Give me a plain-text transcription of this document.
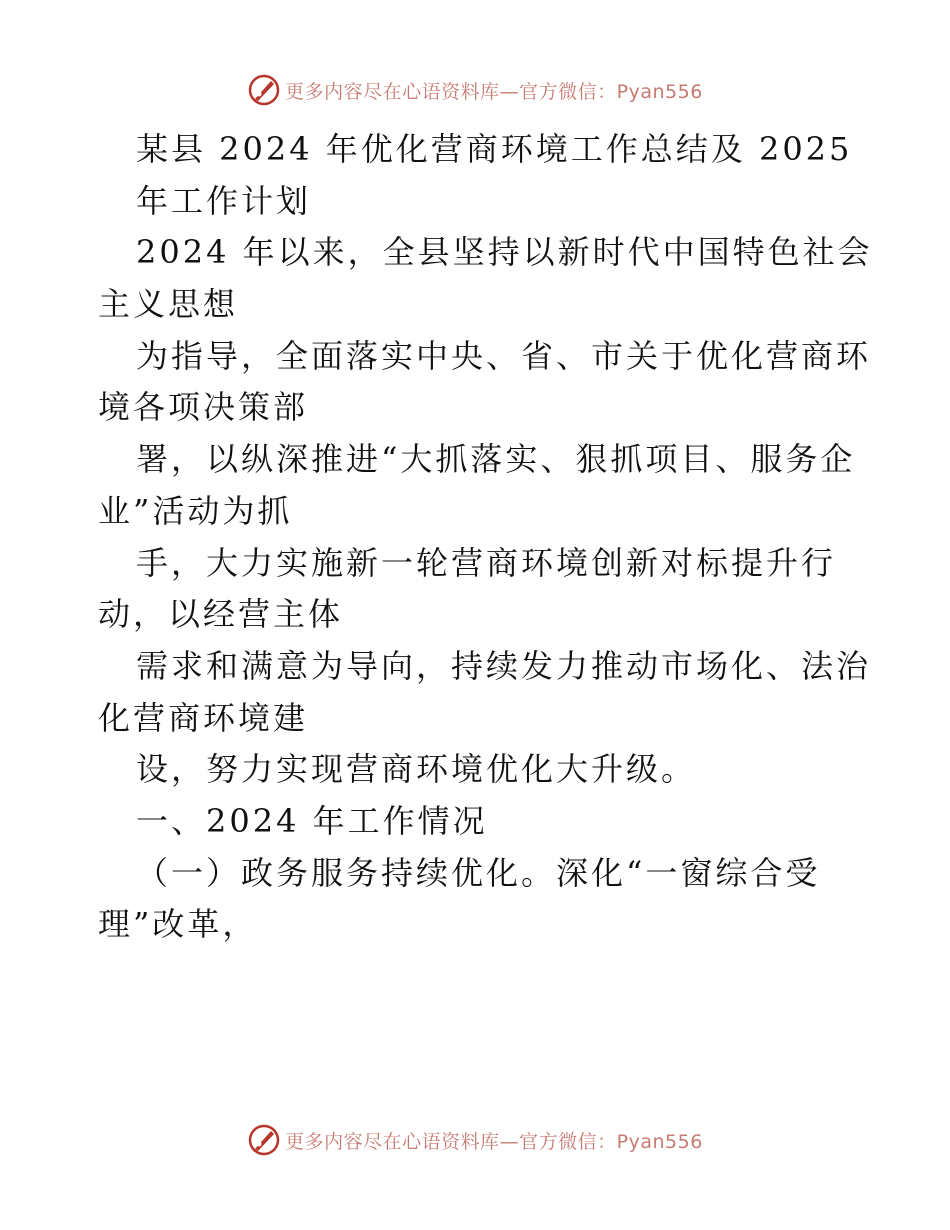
更多内容尽在心语资料库—官方微信：Pyan556
某县 2024 年优化营商环境工作总结及 2025
年工作计划
2024 年以来，全县坚持以新时代中国特色社会
主义思想
为指导，全面落实中央、省、市关于优化营商环
境各项决策部
署，以纵深推进“大抓落实、狠抓项目、服务企
业”活动为抓
手，大力实施新一轮营商环境创新对标提升行
动，以经营主体
需求和满意为导向，持续发力推动市场化、法治
化营商环境建
设，努力实现营商环境优化大升级。
一、2024 年工作情况
（一）政务服务持续优化。深化“一窗综合受
理”改革，
更多内容尽在心语资料库—官方微信：Pyan556
